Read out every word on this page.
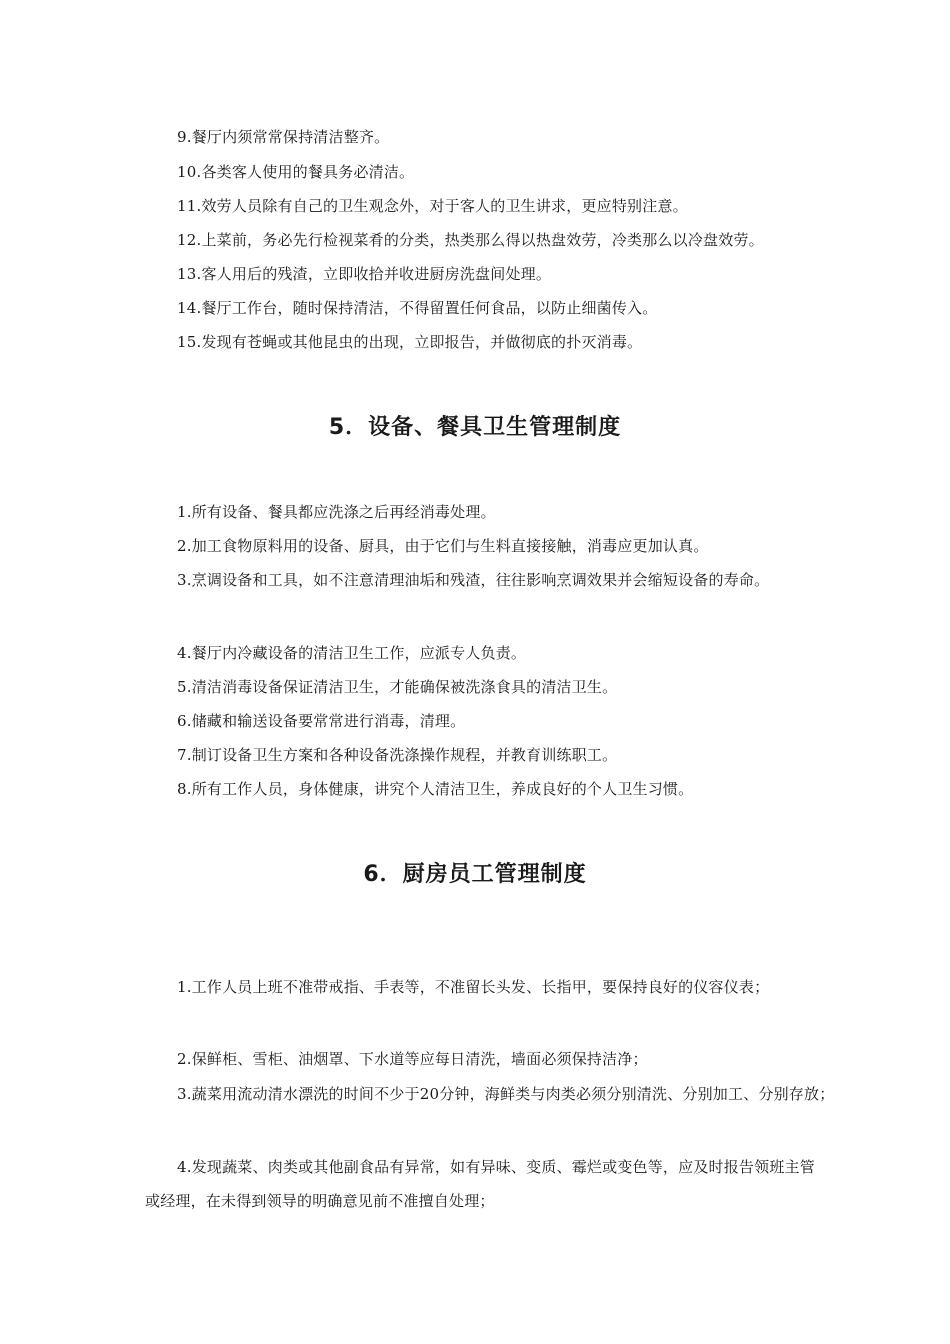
9.餐厅内须常常保持清洁整齐。

10.各类客人使用的餐具务必清洁。

11.效劳人员除有自己的卫生观念外，对于客人的卫生讲求，更应特别注意。

12.上菜前，务必先行检视菜肴的分类，热类那么得以热盘效劳，冷类那么以冷盘效劳。

13.客人用后的残渣，立即收拾并收进厨房洗盘间处理。

14.餐厅工作台，随时保持清洁，不得留置任何食品，以防止细菌传入。

15.发现有苍蝇或其他昆虫的出现，立即报告，并做彻底的扑灭消毒。

5．设备、餐具卫生管理制度

1.所有设备、餐具都应洗涤之后再经消毒处理。

2.加工食物原料用的设备、厨具，由于它们与生料直接接触，消毒应更加认真。

3.烹调设备和工具，如不注意清理油垢和残渣，往往影响烹调效果并会缩短设备的寿命。

4.餐厅内冷藏设备的清洁卫生工作，应派专人负责。

5.清洁消毒设备保证清洁卫生，才能确保被洗涤食具的清洁卫生。

6.储藏和输送设备要常常进行消毒，清理。

7.制订设备卫生方案和各种设备洗涤操作规程，并教育训练职工。

8.所有工作人员，身体健康，讲究个人清洁卫生，养成良好的个人卫生习惯。

6．厨房员工管理制度

1.工作人员上班不准带戒指、手表等，不准留长头发、长指甲，要保持良好的仪容仪表；

2.保鲜柜、雪柜、油烟罩、下水道等应每日清洗，墙面必须保持洁净；

3.蔬菜用流动清水漂洗的时间不少于20分钟，海鲜类与肉类必须分别清洗、分别加工、分别存放；

4.发现蔬菜、肉类或其他副食品有异常，如有异味、变质、霉烂或变色等，应及时报告领班主管或经理，在未得到领导的明确意见前不准擅自处理；
